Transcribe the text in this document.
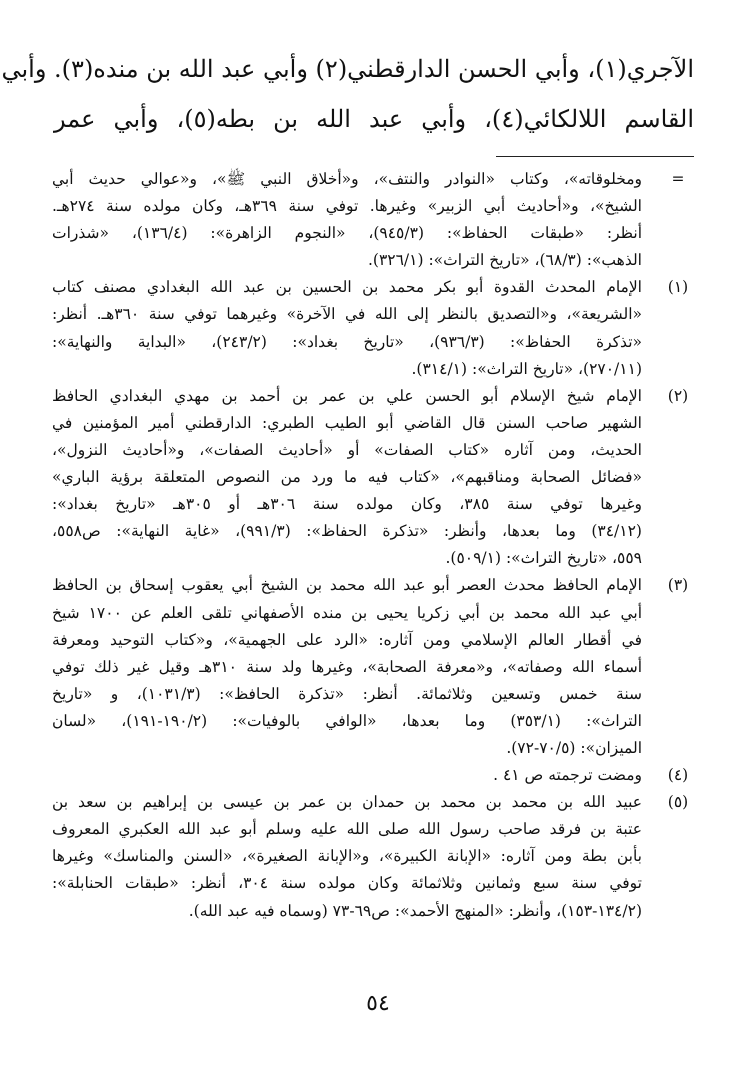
الآجري(١)، وأبي الحسن الدارقطني(٢) وأبي عبد الله بن منده(٣). وأبي
القاسم اللالكائي(٤)، وأبي عبد الله بن بطه(٥)، وأبي عمر
=
ومخلوقاته»، وكتاب «النوادر والنتف»، و«أخلاق النبي ﷺ»، و«عوالي حديث أبي
الشيخ»، و«أحاديث أبي الزبير» وغيرها. توفي سنة ٣٦٩هـ، وكان مولده سنة ٢٧٤هـ.
أنظر: «طبقات الحفاظ»: (٩٤٥/٣)، «النجوم الزاهرة»: (١٣٦/٤)، «شذرات
الذهب»: (٦٨/٣)، «تاريخ التراث»: (٣٢٦/١).
(١)
الإمام المحدث القدوة أبو بكر محمد بن الحسين بن عبد الله البغدادي مصنف كتاب
«الشريعة»، و«التصديق بالنظر إلى الله في الآخرة» وغيرهما توفي سنة ٣٦٠هـ. أنظر:
«تذكرة الحفاظ»: (٩٣٦/٣)، «تاريخ بغداد»: (٢٤٣/٢)، «البداية والنهاية»:
(٢٧٠/١١)، «تاريخ التراث»: (٣١٤/١).
(٢)
الإمام شيخ الإسلام أبو الحسن علي بن عمر بن أحمد بن مهدي البغدادي الحافظ
الشهير صاحب السنن قال القاضي أبو الطيب الطبري: الدارقطني أمير المؤمنين في
الحديث، ومن آثاره «كتاب الصفات» أو «أحاديث الصفات»، و«أحاديث النزول»،
«فضائل الصحابة ومناقبهم»، «كتاب فيه ما ورد من النصوص المتعلقة برؤية الباري»
وغيرها توفي سنة ٣٨٥، وكان مولده سنة ٣٠٦هـ أو ٣٠٥هـ «تاريخ بغداد»:
(٣٤/١٢) وما بعدها، وأنظر: «تذكرة الحفاظ»: (٩٩١/٣)، «غاية النهاية»: ص٥٥٨،
٥٥٩، «تاريخ التراث»: (٥٠٩/١).
(٣)
الإمام الحافظ محدث العصر أبو عبد الله محمد بن الشيخ أبي يعقوب إسحاق بن الحافظ
أبي عبد الله محمد بن أبي زكريا يحيى بن منده الأصفهاني تلقى العلم عن ١٧٠٠ شيخ
في أقطار العالم الإسلامي ومن آثاره: «الرد على الجهمية»، و«كتاب التوحيد ومعرفة
أسماء الله وصفاته»، و«معرفة الصحابة»، وغيرها ولد سنة ٣١٠هـ وقيل غير ذلك توفي
سنة خمس وتسعين وثلاثمائة. أنظر: «تذكرة الحافظ»: (١٠٣١/٣)، و «تاريخ
التراث»: (٣٥٣/١) وما بعدها، «الوافي بالوفيات»: (١٩٠/٢-١٩١)، «لسان
الميزان»: (٧٠/٥-٧٢).
(٤)
ومضت ترجمته ص ٤١ .
(٥)
عبيد الله بن محمد بن محمد بن حمدان بن عمر بن عيسى بن إبراهيم بن سعد بن
عتبة بن فرقد صاحب رسول الله صلى الله عليه وسلم أبو عبد الله العكبري المعروف
بأبن بطة ومن آثاره: «الإبانة الكبيرة»، و«الإبانة الصغيرة»، «السنن والمناسك» وغيرها
توفي سنة سبع وثمانين وثلاثمائة وكان مولده سنة ٣٠٤، أنظر: «طبقات الحنابلة»:
(١٣٤/٢-١٥٣)، وأنظر: «المنهج الأحمد»: ص٦٩-٧٣ (وسماه فيه عبد الله).
٥٤
